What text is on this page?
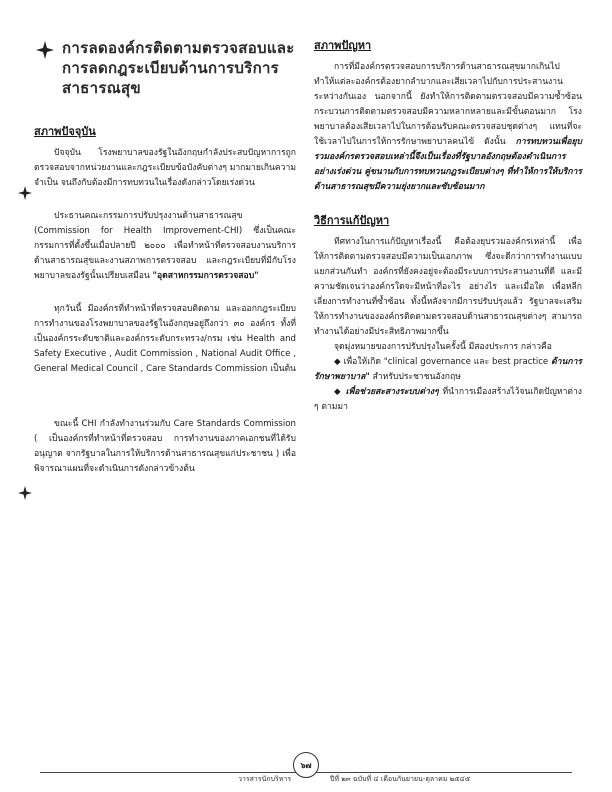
การลดองค์กรติดตามตรวจสอบและ
การลดกฎระเบียบด้านการบริการ
สาธารณสุข
สภาพปัจจุบัน

ปัจจุบัน โรงพยาบาลของรัฐในอังกฤษกำลังประสบปัญหาการถูกตรวจสอบจากหน่วยงานและกฎระเบียบข้อบังคับต่างๆ มากมายเกินความจำเป็น จนถึงกับต้องมีการทบทวนในเรื่องดังกล่าวโดยเร่งด่วน

ประธานคณะกรรมการปรับปรุงงานด้านสาธารณสุข (Commission for Health Improvement-CHI) ซึ่งเป็นคณะกรรมการที่ตั้งขึ้นเมื่อปลายปี ๒๐๐๐ เพื่อทำหน้าที่ตรวจสอบงานบริการด้านสาธารณสุขและงานสภาพการตรวจสอบ และกฎระเบียบที่มีกับโรงพยาบาลของรัฐนั้นเปรียบเสมือน "อุตสาหกรรมการตรวจสอบ"

ทุกวันนี้ มีองค์กรที่ทำหน้าที่ตรวจสอบติดตาม และออกกฎระเบียบการทำงานของโรงพยาบาลของรัฐในอังกฤษอยู่ถึงกว่า ๓๐ องค์กร ทั้งที่เป็นองค์กรระดับชาติและองค์กรระดับกระทรวง/กรม เช่น Health and Safety Executive , Audit Commission , National Audit Office , General Medical Council , Care Standards Commission เป็นต้น

ขณะนี้ CHI กำลังทำงานร่วมกับ Care Standards Commission ( เป็นองค์กรที่ทำหน้าที่ตรวจสอบ การทำงานของภาคเอกชนที่ได้รับอนุญาต จากรัฐบาลในการให้บริการด้านสาธารณสุขแก่ประชาชน ) เพื่อพิจารณาแผนที่จะดำเนินการดังกล่าวข้างต้น

สภาพปัญหา

การที่มีองค์กรตรวจสอบการบริการด้านสาธารณสุขมากเกินไป ทำให้แต่ละองค์กรต้องยากลำบากและเสียเวลาไปกับการประสานงานระหว่างกันเอง นอกจากนี้ ยังทำให้การติดตามตรวจสอบมีความซ้ำซ้อน กระบวนการติดตามตรวจสอบมีความหลากหลายและมีขั้นตอนมาก โรงพยาบาลต้องเสียเวลาไปในการต้อนรับคณะตรวจสอบชุดต่างๆ แทนที่จะใช้เวลาไปในการให้การรักษาพยาบาลคนไข้ ดังนั้น การทบทวนเพื่อยุบรวมองค์กรตรวจสอบเหล่านี้จึงเป็นเรื่องที่รัฐบาลอังกฤษต้องดำเนินการอย่างเร่งด่วน คู่ขนานกับการทบทวนกฎระเบียบต่างๆ ที่ทำให้การให้บริการด้านสาธารณสุขมีความยุ่งยากและซับซ้อนมาก

วิธีการแก้ปัญหา

ทีศทางในการแก้ปัญหาเรื่องนี้ คือต้องยุบรวมองค์กรเหล่านี้ เพื่อให้การติดตามตรวจสอบมีความเป็นเอกภาพ ซึ่งจะดีกว่าการทำงานแบบแยกส่วนกันทำ องค์กรที่ยังคงอยู่จะต้องมีระบบการประสานงานที่ดี และมีความชัดเจนว่าองค์กรใดจะมีหน้าที่อะไร อย่างไร และเมื่อใด เพื่อหลีกเลี่ยงการทำงานที่ซ้ำซ้อน ทั้งนี้หลังจากมีการปรับปรุงแล้ว รัฐบาลจะเสริมให้การทำงานขององค์กรติดตามตรวจสอบด้านสาธารณสุขต่างๆ สามารถทำงานได้อย่างมีประสิทธิภาพมากขึ้น

จุดมุ่งหมายของการปรับปรุงในครั้งนี้ มีสองประการ กล่าวคือ

◆ เพื่อให้เกิด "clinical governance และ best practice ด้านการรักษาพยาบาล" สำหรับประชาชนอังกฤษ

◆ เพื่อช่วยสะสางระบบต่างๆ ที่นำการเมืองสร้างไว้จนเกิดปัญหาต่าง ๆ ตามมา

๖๗
วารสารนักบริหาร	ปีที่ ๒๓ ฉบับที่ ๔ เดือนกันยายน-ตุลาคม ๒๕๔๕
